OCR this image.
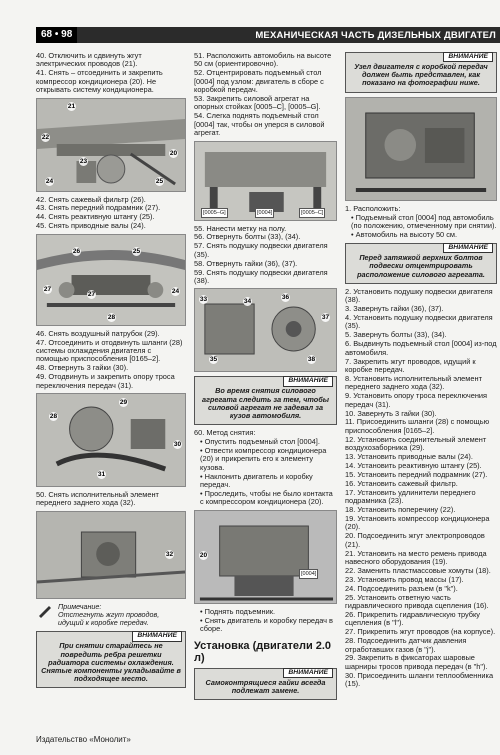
68 • 98	МЕХАНИЧЕСКАЯ ЧАСТЬ ДИЗЕЛЬНЫХ ДВИГАТЕЛ
40. Отключить и сдвинуть жгут электрических проводов (21).
41. Снять – отсоединить и закрепить компрессор кондиционера (20). Не открывать систему кондиционера.
21
22
23
24	25
20
42. Снять сажевый фильтр (26).
43. Снять передний подрамник (27).
44. Снять реактивную штангу (25).
45. Снять приводные валы (24).
26	25
27	24
27
28
46. Снять воздушный патрубок (29).
47. Отсоединить и отодвинуть шланги (28) системы охлаждения двигателя с помощью приспособления [0165–2].
48. Отвернуть 3 гайки (30).
49. Отодвинуть и закрепить опору троса переключения передач (31).
29
28
30
31
50. Снять исполнительный элемент переднего заднего хода (32).
32
Примечание:
Отстегнуть жгут проводов, идущий к коробке передач.
ВНИМАНИЕ
При снятии старайтесь не повредить ребра решетки радиатора системы охлаждения. Снятые компоненты укладывайте в подходящее место.
51. Расположить автомобиль на высоте 50 см (ориентировочно).
52. Отцентрировать подъемный стол [0004] под узлом: двигатель в сборе с коробкой передач.
53. Закрепить силовой агрегат на опорных стойках [0005–C], [0005–G].
54. Слегка поднять подъемный стол [0004] так, чтобы он уперся в силовой агрегат.
[0005–G]	[0004]	[0005–C]
55. Нанести метку на полу.
56. Отвернуть болты (33), (34).
57. Снять подушку подвески двигателя (35).
58. Отвернуть гайки (36), (37).
59. Снять подушку подвески двигателя (38).
33	34
35
36
37
38
ВНИМАНИЕ
Во время снятия силового агрегата следить за тем, чтобы силовой агрегат не задевал за кузов автомобиля.
60. Метод снятия:
• Опустить подъемный стол [0004].
• Отвести компрессор кондиционера (20) и прикрепить его к элементу кузова.
• Наклонить двигатель и коробку передач.
• Проследить, чтобы не было контакта с компрессором кондиционера (20).
20
[0004]
• Поднять подъемник.
• Снять двигатель и коробку передач в сборе.
Установка (двигатели 2.0 л)
ВНИМАНИЕ
Самоконтрящиеся гайки всегда подлежат замене.
ВНИМАНИЕ
Узел двигателя с коробкой передач должен быть представлен, как показано на фотографии ниже.
1. Расположить:
• Подъемный стол [0004] под автомобиль (по положению, отмеченному при снятии).
• Автомобиль на высоту 50 см.
ВНИМАНИЕ
Перед затяжкой верхних болтов подвески отцентрировать расположение силового агрегата.
2. Установить подушку подвески двигателя (38).
3. Завернуть гайки (36), (37).
4. Установить подушку подвески двигателя (35).
5. Завернуть болты (33), (34).
6. Выдвинуть подъемный стол [0004] из-под автомобиля.
7. Закрепить жгут проводов, идущий к коробке передач.
8. Установить исполнительный элемент переднего заднего хода (32).
9. Установить опору троса переключения передач (31).
10. Завернуть 3 гайки (30).
11. Присоединить шланги (28) с помощью приспособления [0165–2].
12. Установить соединительный элемент воздухозаборника (29).
13. Установить приводные валы (24).
14. Установить реактивную штангу (25).
15. Установить передний подрамник (27).
16. Установить сажевый фильтр.
17. Установить удлинители переднего подрамника (23).
18. Установить поперечину (22).
19. Установить компрессор кондиционера (20).
20. Подсоединить жгут электропроводов (21).
21. Установить на место ремень привода навесного оборудования (19).
22. Заменить пластмассовые хомуты (18).
23. Установить провод массы (17).
24. Подсоединить разъем (в "k").
25. Установить ответную часть гидравлического привода сцепления (16).
26. Прикрепить гидравлическую трубку сцепления (в "l").
27. Прикрепить жгут проводов (на корпусе).
28. Подсоединить датчик давления отработавших газов (в "j").
29. Закрепить в фиксаторах шаровые шарниры тросов привода передач (в "h").
30. Присоединить шланги теплообменника (15).
Издательство «Монолит»
